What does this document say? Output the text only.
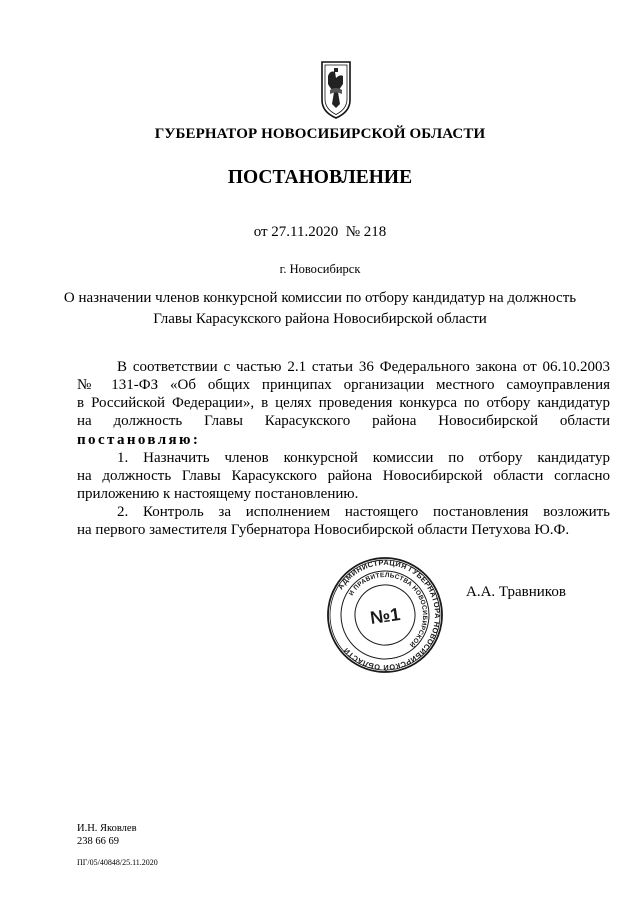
ГУБЕРНАТОР НОВОСИБИРСКОЙ ОБЛАСТИ
ПОСТАНОВЛЕНИЕ
от 27.11.2020  № 218
г. Новосибирск
О назначении членов конкурсной комиссии по отбору кандидатур на должность
Главы Карасукского района Новосибирской области
В соответствии с частью 2.1 статьи 36 Федерального закона от 06.10.2003
№ 131-ФЗ «Об общих принципах организации местного самоуправления
в Российской Федерации», в целях проведения конкурса по отбору кандидатур
на должность Главы Карасукского района Новосибирской области
постановляю:
1. Назначить членов конкурсной комиссии по отбору кандидатур
на должность Главы Карасукского района Новосибирской области согласно
приложению к настоящему постановлению.
2. Контроль за исполнением настоящего постановления возложить
на первого заместителя Губернатора Новосибирской области Петухова Ю.Ф.
АДМИНИСТРАЦИЯ ГУБЕРНАТОРА НОВОСИБИРСКОЙ ОБЛАСТИ
И ПРАВИТЕЛЬСТВА НОВОСИБИРСКОЙ
№1
А.А. Травников
И.Н. Яковлев
238 66 69
ПГ/05/40848/25.11.2020
